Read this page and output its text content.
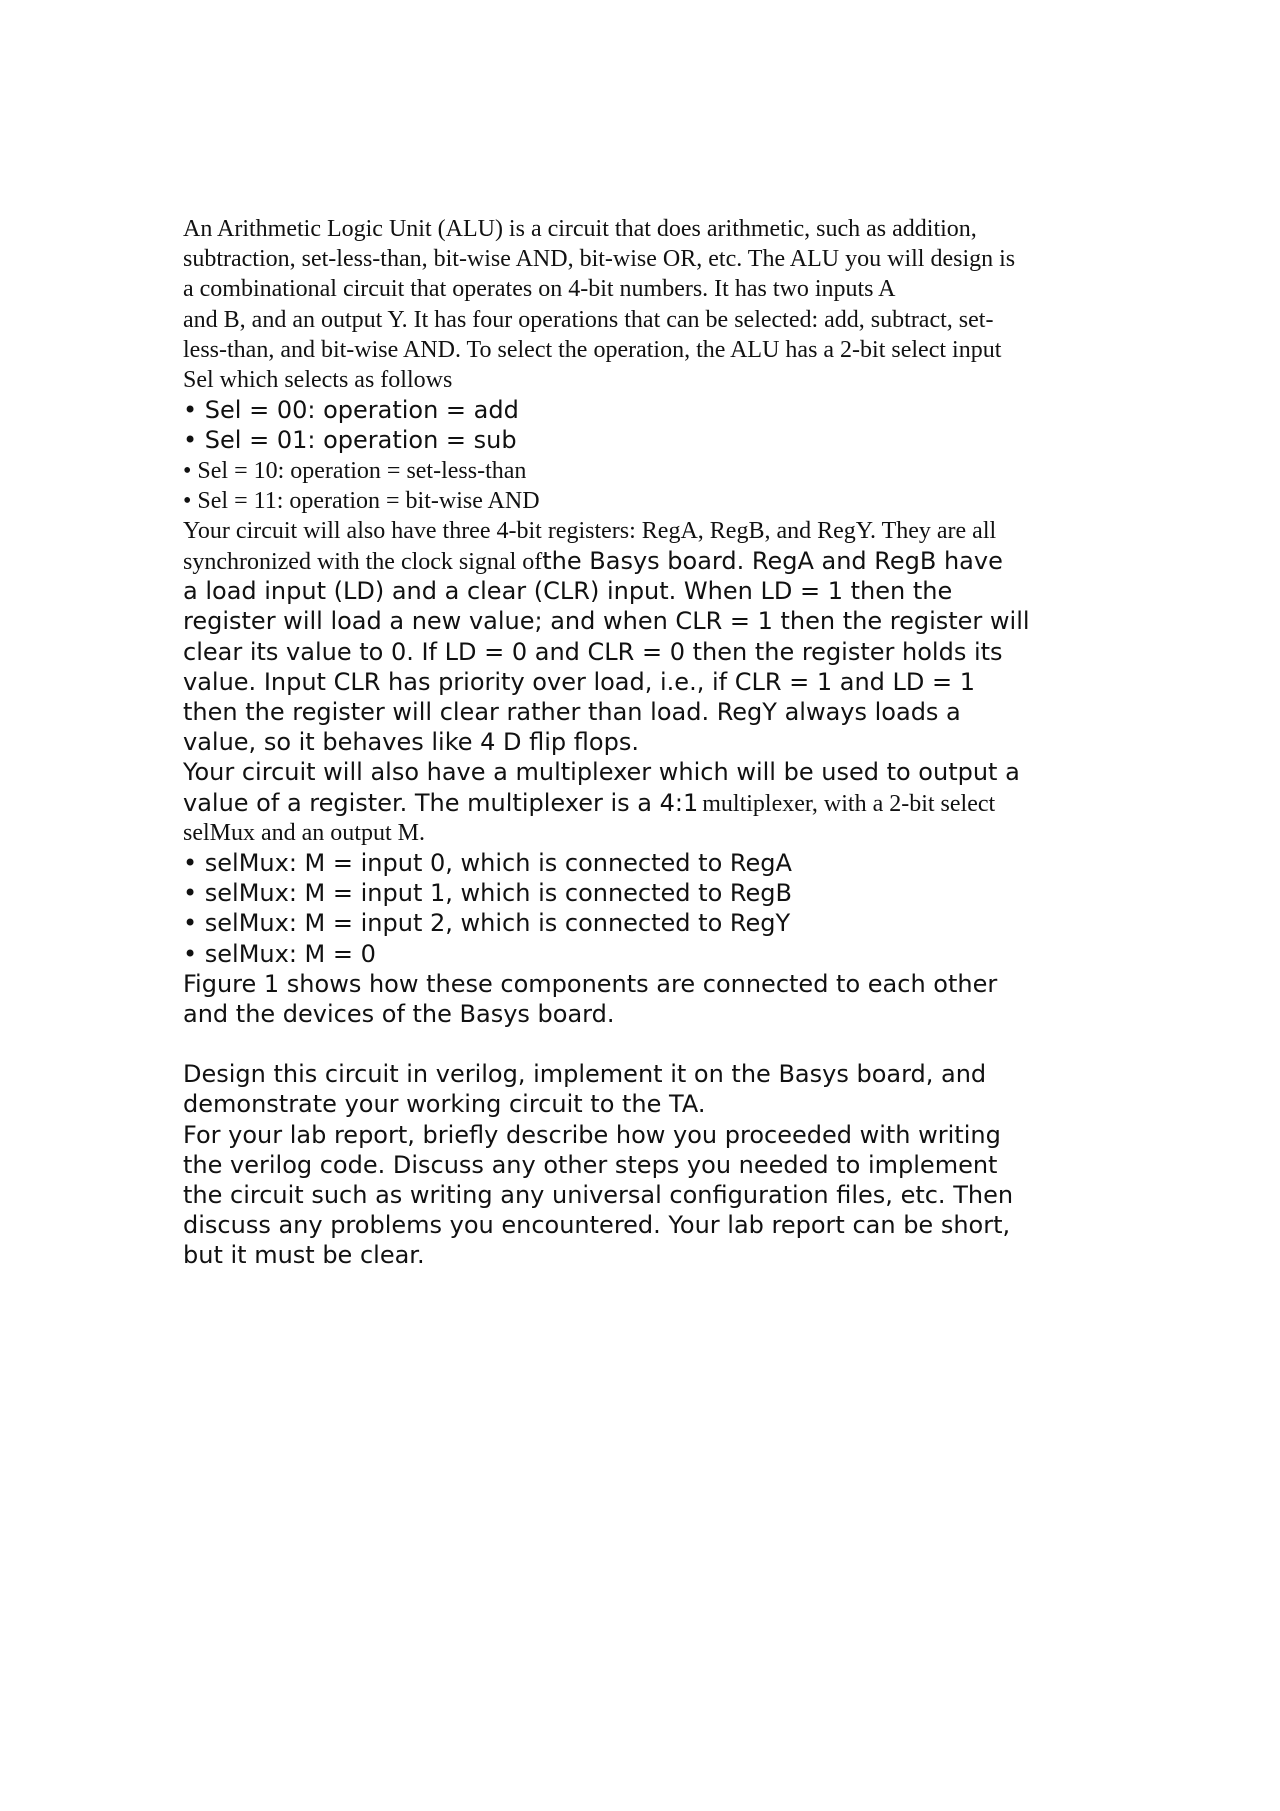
An Arithmetic Logic Unit (ALU) is a circuit that does arithmetic, such as addition,
subtraction, set-less-than, bit-wise AND, bit-wise OR, etc. The ALU you will design is
a combinational circuit that operates on 4-bit numbers. It has two inputs A
and B, and an output Y. It has four operations that can be selected: add, subtract, set-
less-than, and bit-wise AND. To select the operation, the ALU has a 2-bit select input
Sel which selects as follows
• Sel = 00: operation = add
• Sel = 01: operation = sub
• Sel = 10: operation = set-less-than
• Sel = 11: operation = bit-wise AND
Your circuit will also have three 4-bit registers: RegA, RegB, and RegY. They are all
synchronized with the clock signal ofthe Basys board. RegA and RegB have
a load input (LD) and a clear (CLR) input. When LD = 1 then the
register will load a new value; and when CLR = 1 then the register will
clear its value to 0. If LD = 0 and CLR = 0 then the register holds its
value. Input CLR has priority over load, i.e., if CLR = 1 and LD = 1
then the register will clear rather than load. RegY always loads a
value, so it behaves like 4 D flip flops.
Your circuit will also have a multiplexer which will be used to output a
value of a register. The multiplexer is a 4:1 multiplexer, with a 2-bit select
selMux and an output M.
• selMux: M = input 0, which is connected to RegA
• selMux: M = input 1, which is connected to RegB
• selMux: M = input 2, which is connected to RegY
• selMux: M = 0
Figure 1 shows how these components are connected to each other
and the devices of the Basys board.
Design this circuit in verilog, implement it on the Basys board, and
demonstrate your working circuit to the TA.
For your lab report, briefly describe how you proceeded with writing
the verilog code. Discuss any other steps you needed to implement
the circuit such as writing any universal configuration files, etc. Then
discuss any problems you encountered. Your lab report can be short,
but it must be clear.
